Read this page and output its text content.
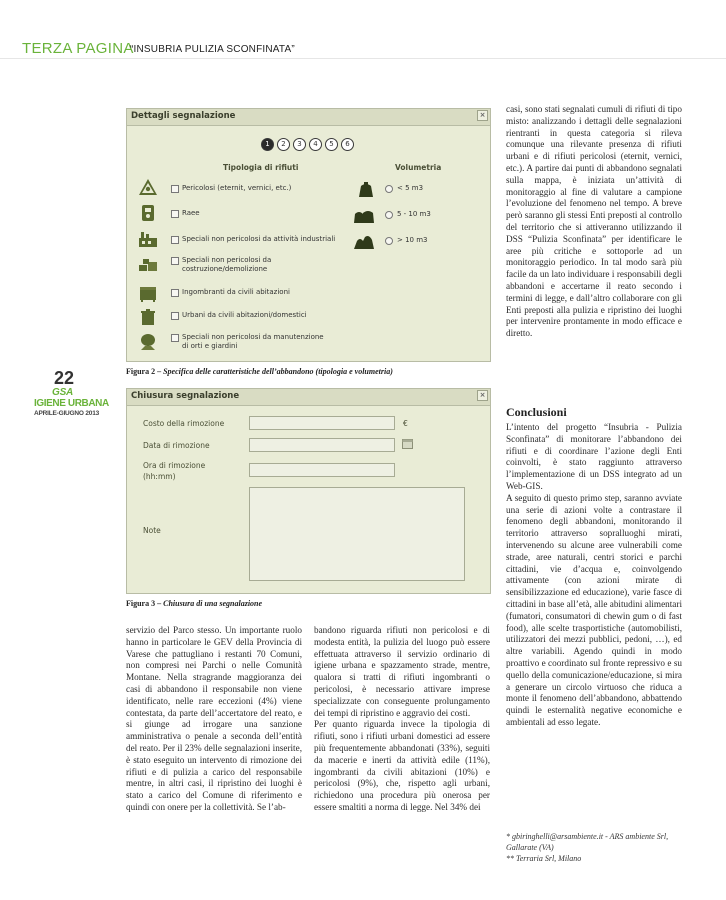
TERZA PAGINA
“INSUBRIA PULIZIA SCONFINATA”
22
GSA
IGIENE URBANA
APRILE-GIUGNO 2013
Dettagli segnalazione	×
1	2	3	4	5	6
Tipologia di rifiuti	Volumetria
Pericolosi (eternit, vernici, etc.)
Raee
Speciali non pericolosi da attività industriali
Speciali non pericolosi da costruzione/demolizione
Ingombranti da civili abitazioni
Urbani da civili abitazioni/domestici
Speciali non pericolosi da manutenzione di orti e giardini
< 5 m3
5 - 10 m3
> 10 m3
Figura 2 – Specifica delle caratteristiche dell’abbandono (tipologia e volumetria)
Chiusura segnalazione	×
Costo della rimozione	€
Data di rimozione
Ora di rimozione
(hh:mm)
Note
Figura 3 – Chiusura di una segnalazione

servizio del Parco stesso. Un importante ruolo hanno in particolare le GEV della Provincia di Varese che pattugliano i restanti 70 Comuni, non compresi nei Parchi o nelle Comunità Montane. Nella stragrande maggioranza dei casi di abbandono il responsabile non viene identificato, nelle rare eccezioni (4%) viene contestata, da parte dell’accertatore del reato, e si giunge ad irrogare una sanzione amministrativa o penale a seconda dell’entità del reato. Per il 23% delle segnalazioni inserite, è stato eseguito un intervento di rimozione dei rifiuti e di pulizia a carico del responsabile mentre, in altri casi, il ripristino dei luoghi è stato a carico del Comune di riferimento e quindi con onere per la collettività. Se l’ab-

bandono riguarda rifiuti non pericolosi e di modesta entità, la pulizia del luogo può essere effettuata attraverso il servizio ordinario di igiene urbana e spazzamento strade, mentre, qualora si tratti di rifiuti ingombranti o pericolosi, è necessario attivare imprese specializzate con conseguente prolungamento dei tempi di ripristino e aggravio dei costi.

Per quanto riguarda invece la tipologia di rifiuti, sono i rifiuti urbani domestici ad essere più frequentemente abbandonati (33%), seguiti da macerie e inerti da attività edile (11%), ingombranti da civili abitazioni (10%) e pericolosi (9%), che, rispetto agli urbani, richiedono una procedura più onerosa per essere smaltiti a norma di legge. Nel 34% dei

casi, sono stati segnalati cumuli di rifiuti di tipo misto: analizzando i dettagli delle segnalazioni rientranti in questa categoria si rileva comunque una rilevante presenza di rifiuti urbani e di rifiuti pericolosi (eternit, vernici, etc.). A partire dai punti di abbandono segnalati sulla mappa, è iniziata un’attività di monitoraggio al fine di valutare a campione l’evoluzione del fenomeno nel tempo. A breve però saranno gli stessi Enti preposti al controllo del territorio che si attiveranno utilizzando il DSS “Pulizia Sconfinata” per identificare le aree più critiche e sottoporle ad un monitoraggio periodico. In tal modo sarà più facile da un lato individuare i responsabili degli abbandoni e accertarne il reato secondo i termini di legge, e dall’altro collaborare con gli Enti preposti alla pulizia e ripristino dei luoghi per intervenire prontamente in modo efficace e diretto.

Conclusioni

L’intento del progetto “Insubria - Pulizia Sconfinata” di monitorare l’abbandono dei rifiuti e di coordinare l’azione degli Enti coinvolti, è stato raggiunto attraverso l’implementazione di un DSS integrato ad un Web-GIS.

A seguito di questo primo step, saranno avviate una serie di azioni volte a contrastare il fenomeno degli abbandoni, monitorando il territorio attraverso sopralluoghi mirati, intervenendo su alcune aree vulnerabili come strade, aree naturali, centri storici e parchi cittadini, vie d’acqua e, coinvolgendo attivamente (con azioni mirate di sensibilizzazione ed educazione), varie fasce di cittadini in base all’età, alle abitudini alimentari (fumatori, consumatori di chewin gum o di fast food), alle scelte trasportistiche (automobilisti, utilizzatori dei mezzi pubblici, pedoni, …), ed altre variabili. Agendo quindi in modo proattivo e coordinato sul fronte repressivo e su quello della comunicazione/educazione, si mira a generare un circolo virtuoso che riduca a monte il fenomeno dell’abbandono, abbattendo quindi le esternalità negative economiche e ambientali ad esso legate.

* gbiringhelli@arsambiente.it - ARS ambiente Srl, Gallarate (VA)
** Terraria Srl, Milano
